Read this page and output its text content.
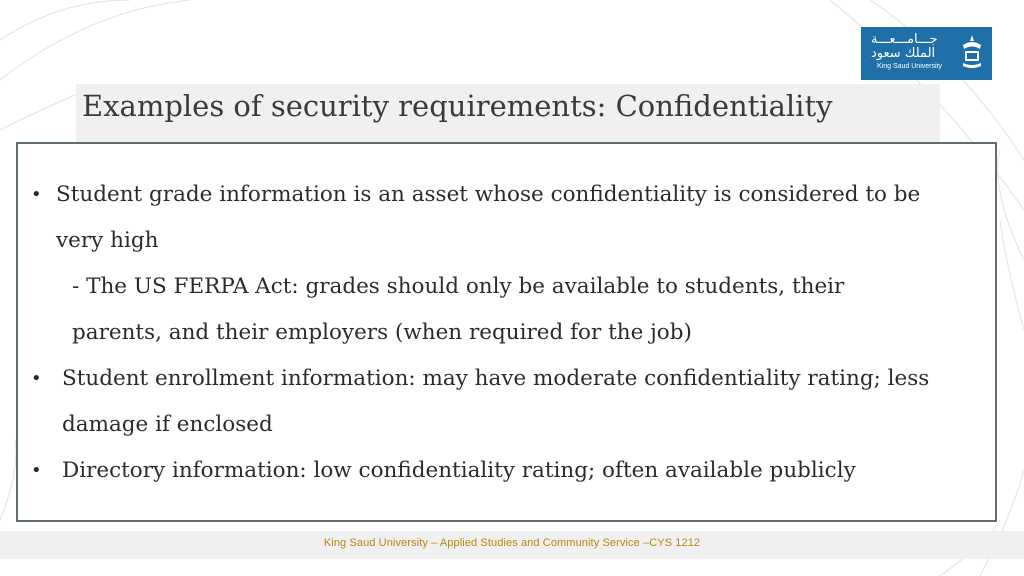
جـــامـــعـــة
الملك سعود
King Saud University
Examples of security requirements: Confidentiality
• Student grade information is an asset whose confidentiality is considered to be
very high
- The US FERPA Act: grades should only be available to students, their
parents, and their employers (when required for the job)
• Student enrollment information: may have moderate confidentiality rating; less
damage if enclosed
• Directory information: low confidentiality rating; often available publicly
King Saud University – Applied Studies and Community Service –CYS 1212
